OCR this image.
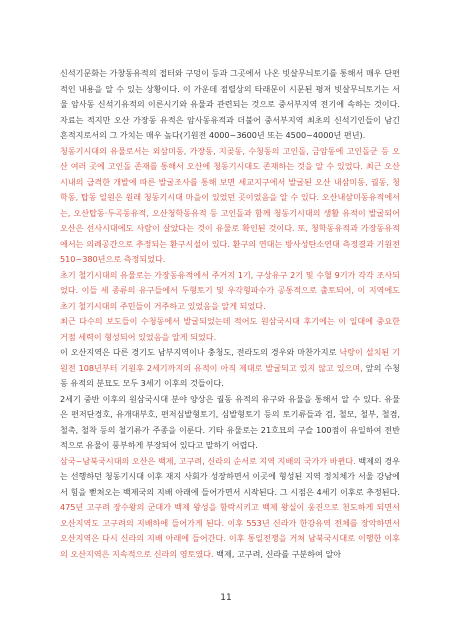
신석기문화는 가창동유적의 접터와 구덩이 등과 그곳에서 나온 빗살무늬토기를 통해서 매우 단편적인 내용을 알 수 있는 상황이다. 이 가운데 점렬상의 타래문이 시문된 평저 빗살무늬토기는 서울 암사동 신석기유적의 이른시기와 유물과 관련되는 것으로 중서부지역 전기에 속하는 것이다. 자료는 적지만 오산 가장동 유적은 암사동유적과 더불어 중서부지역 최초의 신석기인들이 남긴 흔적지로서의 그 가치는 매우 높다(기원전 4000~3600년 또는 4500~4000년 편년).

청동기시대의 유물로서는 외삼미동, 가장동, 지곶동, 수청동의 고인돌, 금암동에 고인돌군 등 오산 여러 곳에 고인돌 존재를 통해서 오산에 청동기시대도 존재하는 것을 알 수 있었다. 최근 오산 시내의 급격한 개발에 따른 발굴조사를 통해 보면 세교지구에서 발굴된 오산 내삼미동, 궐동, 청학동, 탑동 일원은 원래 청동기시대 마을이 있었던 곳이었음을 알 수 있다. 오산내삼미동유적에서는, 오산탑동·두곡동유적, 오산청학동유적 등 고인돌과 함께 청동기시대의 생활 유적이 발굴되어 오산은 선사시대에도 사람이 살았다는 것이 유물로 확인된 것이다. 또, 청학동유적과 가장동유적에서는 의례공간으로 추정되는 환구시설이 있다. 환구의 연대는 방사성탄소연대 측정결과 기원전 510~380년으로 측정되었다.

초기 철기시대의 유물로는 가장동유적에서 주거지 1기, 구상유구 2기 및 수혈 9기가 각각 조사되었다. 이들 세 종류의 유구들에서 두형토기 및 우각형파수가 공통적으로 출토되어, 이 지역에도 초기 철기시대의 주민들이 거주하고 있었음을 알게 되었다.

최근 다수의 보도들이 수청동에서 발굴되었는데 적어도 원삼국시대 후기에는 이 일대에 중요한 거점 세력이 형성되어 있었음을 알게 되었다.

이 오산지역은 다른 경기도 남부지역이나 충청도, 전라도의 경우와 마찬가지로 낙랑이 설치된 기원전 108년부터 기원후 2세기까지의 유적이 아직 제대로 발굴되고 있지 않고 있으며, 앞의 수청동 유적의 분묘도 모두 3세기 이후의 것들이다.

2세기 중반 이후의 원삼국시대 분야 양상은 궐동 유적의 유구와 유물을 통해서 알 수 있다. 유물은 편저단경호, 유개대부호, 편저심발형토기, 심발형토기 등의 토기류들과 검, 철모, 철부, 철겸, 철촉, 철착 등의 철기류가 주종을 이룬다. 기타 유물로는 21호묘의 구슬 100점이 유일하여 전반적으로 유물이 풍부하게 부장되어 있다고 말하기 어렵다.

삼국~남북국시대의 오산은 백제, 고구려, 신라의 순서로 지역 지배의 국가가 바뀐다. 백제의 경우는 선행하던 청동기시대 이후 재지 사회가 성장하면서 이곳에 형성된 지역 정치체가 서울 강남에서 힘을 뻗쳐오는 백제국의 지배 아래에 들어가면서 시작된다. 그 시점은 4세기 이후로 추정된다. 475년 고구려 장수왕의 군대가 백제 왕성을 함락시키고 백제 왕실이 웅진으로 천도하게 되면서 오산지역도 고구려의 지배하에 들어가게 된다. 이후 553년 신라가 한강유역 전체를 장악하면서 오산지역은 다시 신라의 지배 아래에 들어간다. 이후 통일전쟁을 거쳐 남북국시대로 이행한 이후의 오산지역은 지속적으로 신라의 영토였다. 백제, 고구려, 신라를 구분하여 알아

11
